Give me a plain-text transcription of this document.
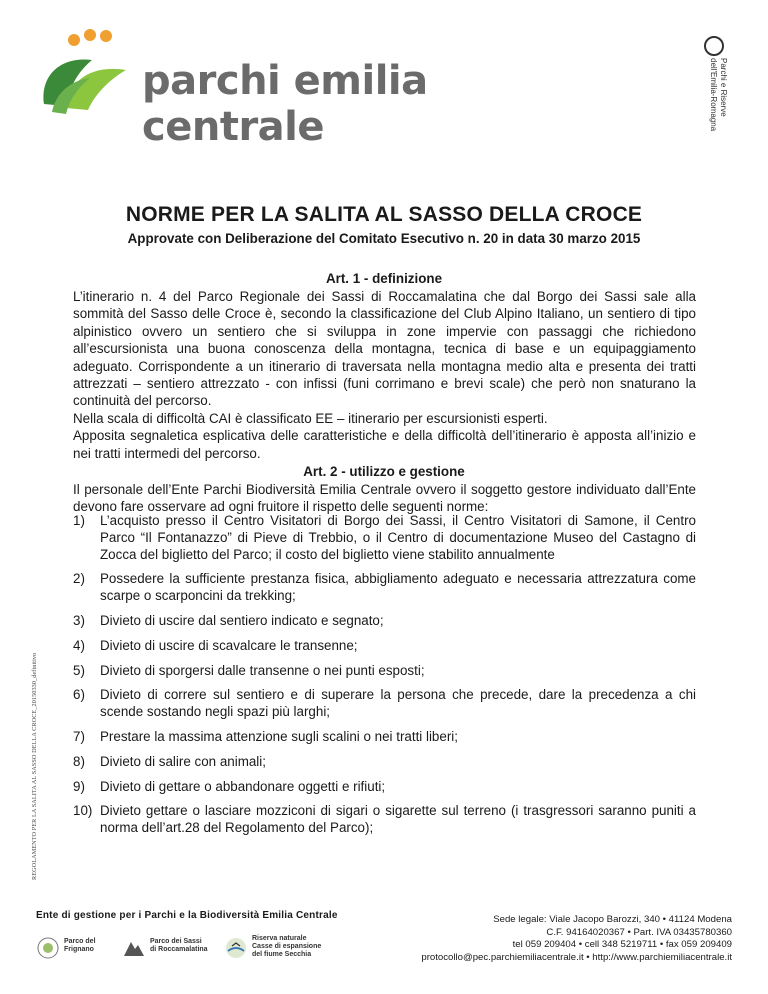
parchi emilia centrale
Parchi e Riserve
dell'Emilia-Romagna
NORME PER LA SALITA AL SASSO DELLA CROCE
Approvate con Deliberazione del Comitato Esecutivo n. 20 in data 30 marzo 2015
Art. 1 - definizione
L’itinerario n. 4 del Parco Regionale dei Sassi di Roccamalatina che dal Borgo dei Sassi sale alla sommità del Sasso delle Croce è, secondo la classificazione del Club Alpino Italiano, un sentiero di tipo alpinistico ovvero un sentiero che si sviluppa in zone impervie con passaggi che richiedono all’escursionista una buona conoscenza della montagna, tecnica di base e un equipaggiamento adeguato. Corrispondente a un itinerario di traversata nella montagna medio alta e presenta dei tratti attrezzati – sentiero attrezzato - con infissi (funi corrimano e brevi scale) che però non snaturano la continuità del percorso.
Nella scala di difficoltà CAI è classificato EE – itinerario per escursionisti esperti.
Apposita segnaletica esplicativa delle caratteristiche e della difficoltà dell’itinerario è apposta all’inizio e nei tratti intermedi del percorso.
Art. 2 - utilizzo e gestione
Il personale dell’Ente Parchi Biodiversità Emilia Centrale ovvero il soggetto gestore individuato dall’Ente devono fare osservare ad ogni fruitore il rispetto delle seguenti norme:
1) L’acquisto presso il Centro Visitatori di Borgo dei Sassi, il Centro Visitatori di Samone, il Centro Parco “Il Fontanazzo” di Pieve di Trebbio, o il Centro di documentazione Museo del Castagno di Zocca del biglietto del Parco; il costo del biglietto viene stabilito annualmente
2) Possedere la sufficiente prestanza fisica, abbigliamento adeguato e necessaria attrezzatura come scarpe o scarponcini da trekking;
3) Divieto di uscire dal sentiero indicato e segnato;
4) Divieto di uscire di scavalcare le transenne;
5) Divieto di sporgersi dalle transenne o nei punti esposti;
6) Divieto di correre sul sentiero e di superare la persona che precede, dare la precedenza a chi scende sostando negli spazi più larghi;
7) Prestare la massima attenzione sugli scalini o nei tratti liberi;
8) Divieto di salire con animali;
9) Divieto di gettare o abbandonare oggetti e rifiuti;
10) Divieto gettare o lasciare mozziconi di sigari o sigarette sul terreno (i trasgressori saranno puniti a norma dell’art.28 del Regolamento del Parco);
REGOLAMENTO PER LA SALITA AL SASSO DELLA CROCE_20150330_definitivo
Ente di gestione per i Parchi e la Biodiversità Emilia Centrale
Parco del
Frignano
Parco dei Sassi
di Roccamalatina
Riserva naturale
Casse di espansione
del fiume Secchia
Sede legale: Viale Jacopo Barozzi, 340 • 41124 Modena
C.F. 94164020367 • Part. IVA 03435780360
tel 059 209404 • cell 348 5219711 • fax 059 209409
protocollo@pec.parchiemiliacentrale.it • http://www.parchiemiliacentrale.it
